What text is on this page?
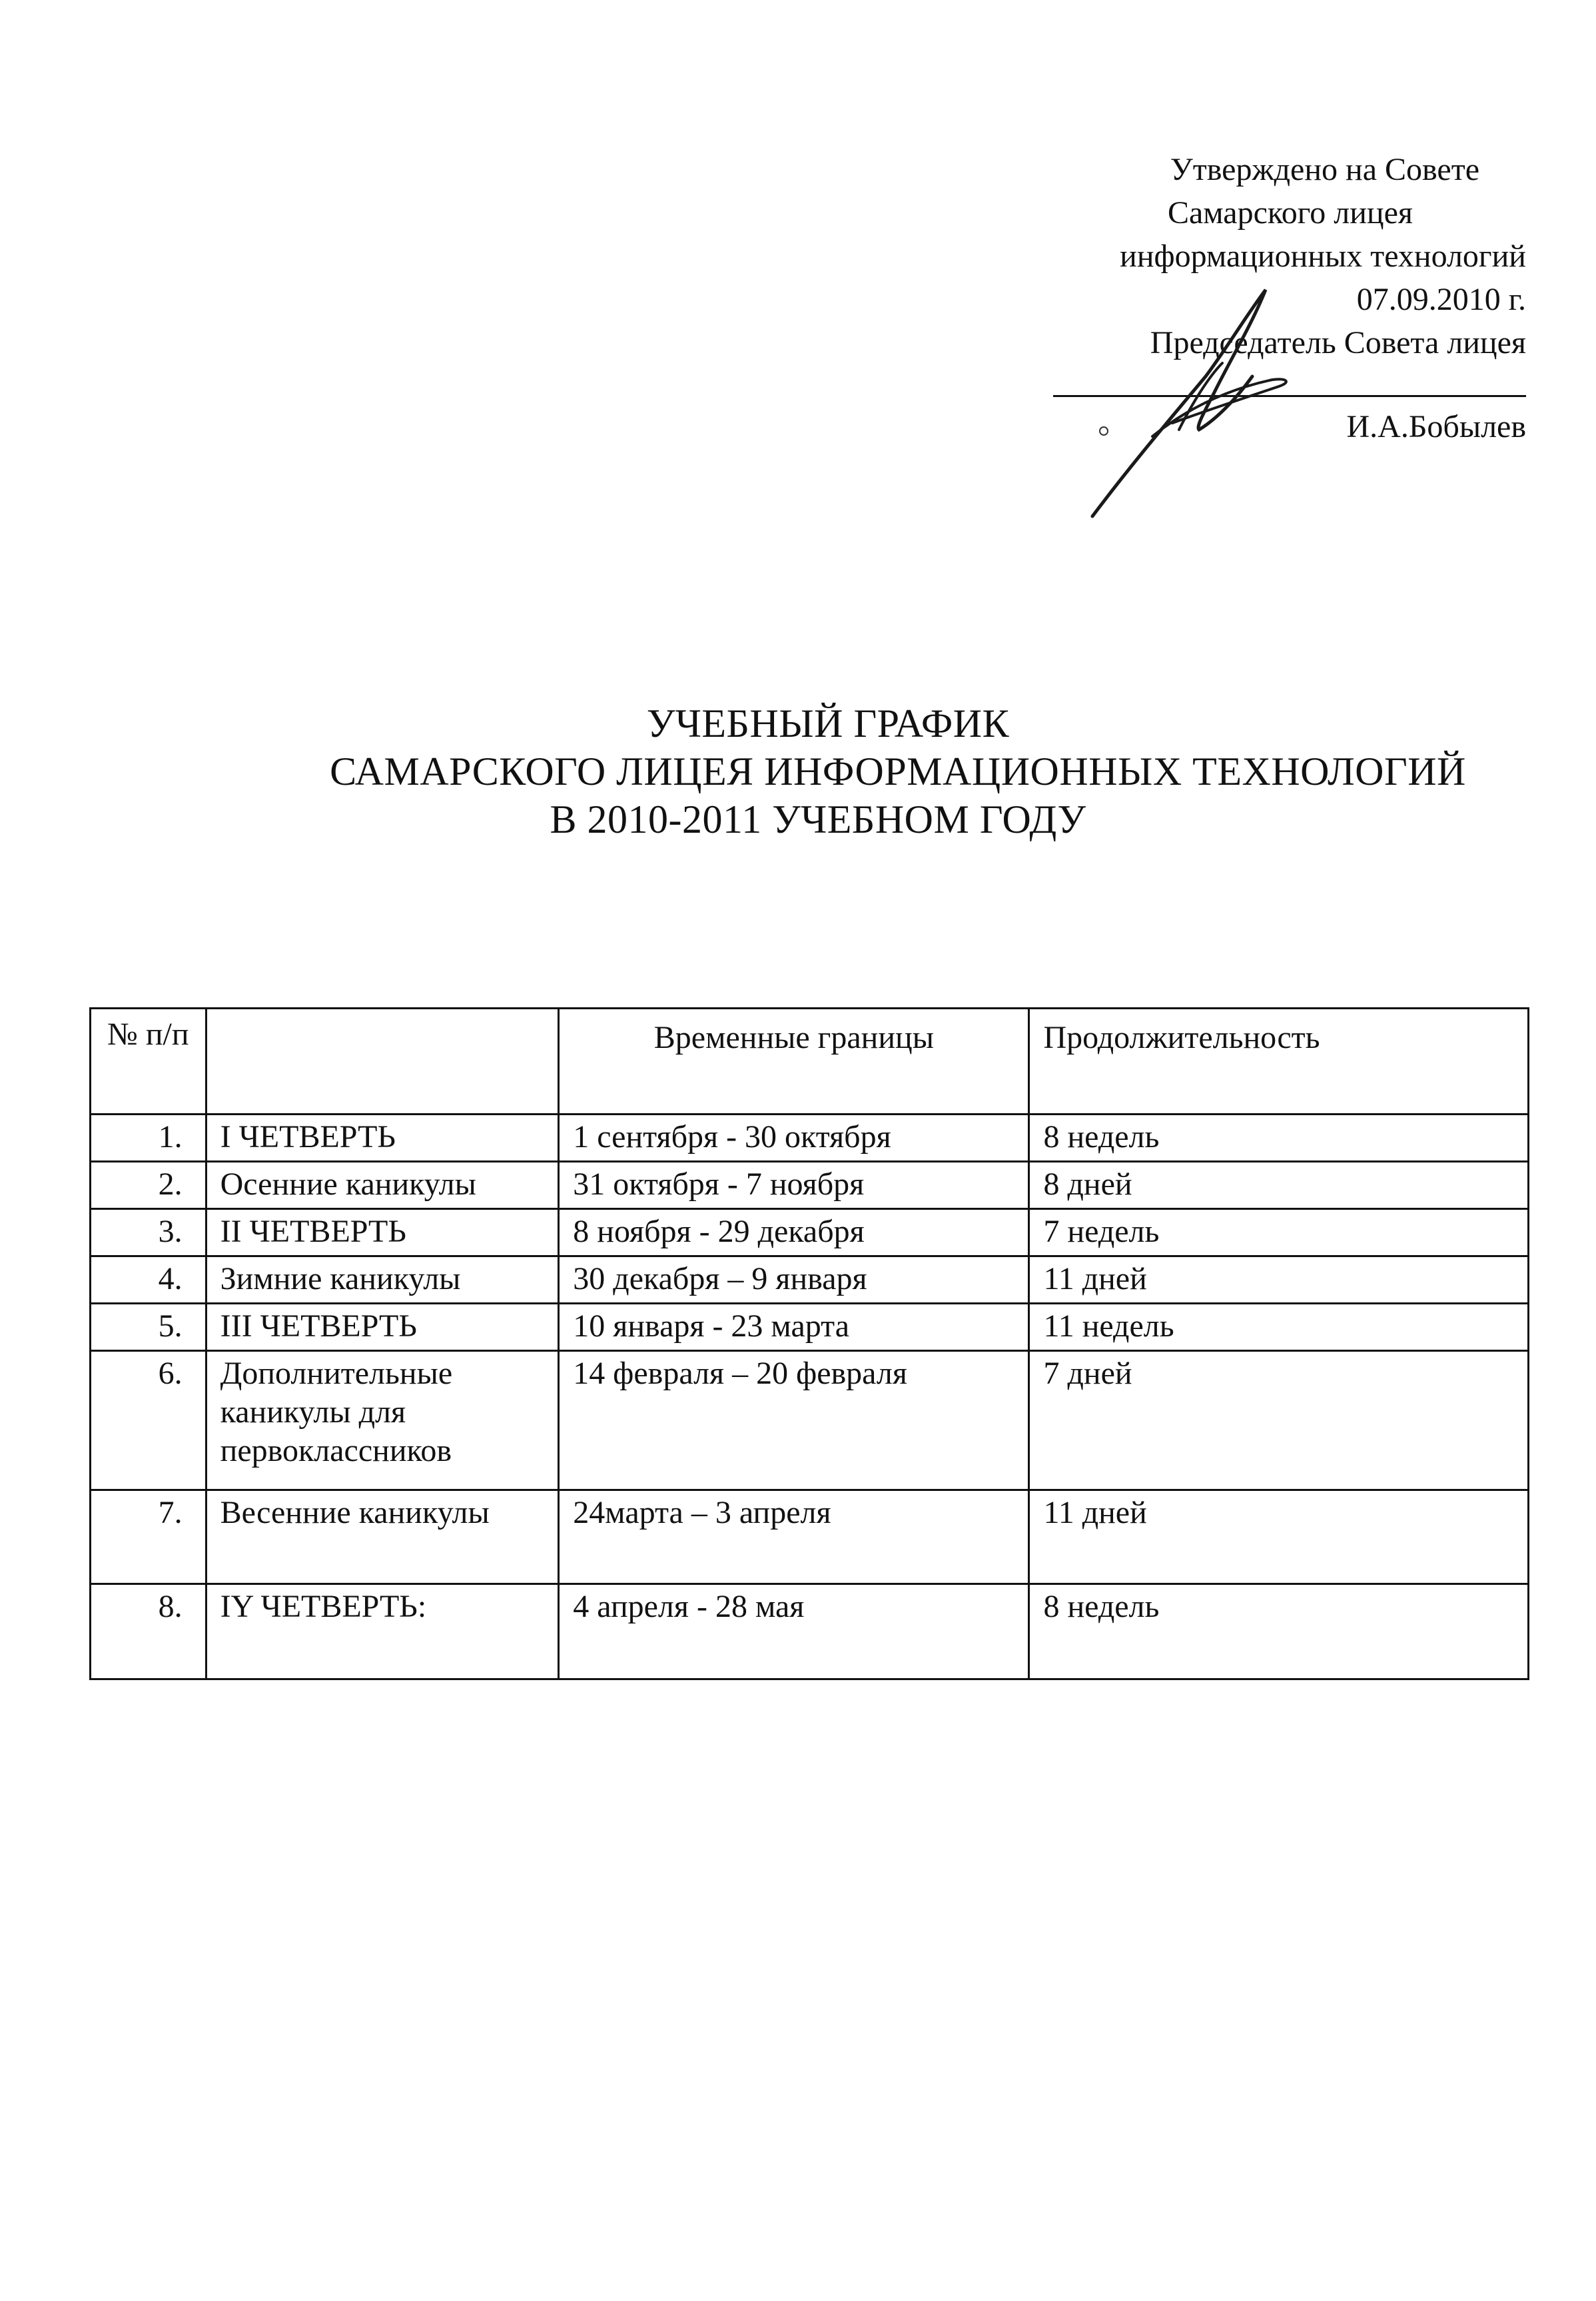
Утверждено на Совете
Самарского лицея
информационных технологий
07.09.2010 г.
Председатель Совета лицея
И.А.Бобылев
УЧЕБНЫЙ ГРАФИК
САМАРСКОГО ЛИЦЕЯ ИНФОРМАЦИОННЫХ ТЕХНОЛОГИЙ
В 2010-2011 УЧЕБНОМ ГОДУ
№ п/п		Временные границы	Продолжительность
1.	I ЧЕТВЕРТЬ	1 сентября - 30 октября	8 недель
2.	Осенние каникулы	31 октября - 7 ноября	8 дней
3.	II ЧЕТВЕРТЬ	8 ноября - 29 декабря	7 недель
4.	Зимние каникулы	30 декабря – 9 января	11 дней
5.	III ЧЕТВЕРТЬ	10 января - 23 марта	11 недель
6.	Дополнительные каникулы для первоклассников	14 февраля – 20 февраля	7 дней
7.	Весенние каникулы	24марта – 3 апреля	11 дней
8.	IY ЧЕТВЕРТЬ:	4 апреля - 28 мая	8 недель
